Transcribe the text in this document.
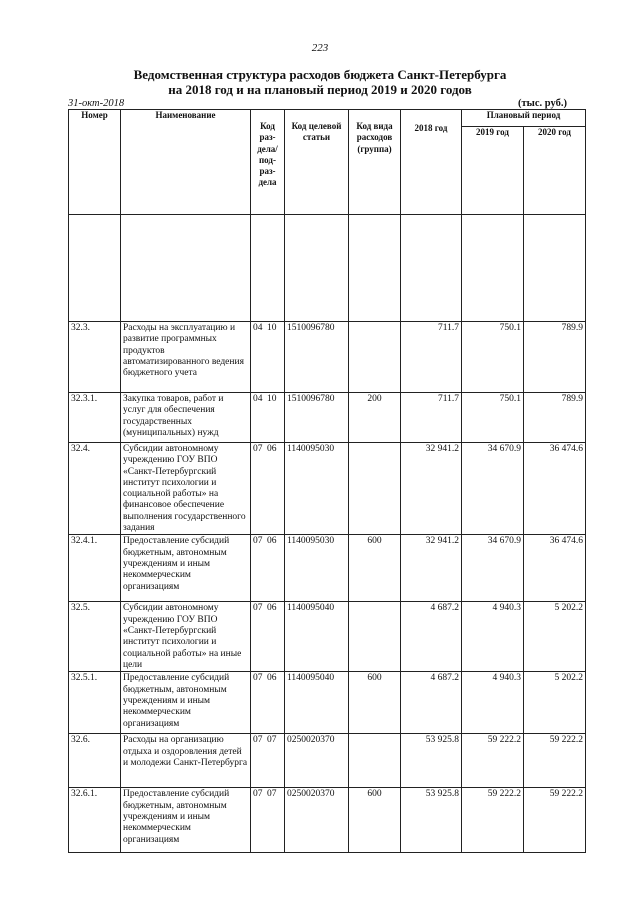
223
Ведомственная структура расходов бюджета Санкт-Петербурга
на 2018 год и на плановый период 2019 и 2020 годов
31-окт-2018	(тыс. руб.)
Номер	Наименование	Код раз-дела/ под-раз-дела	Код целевой статьи	Код вида расходов (группа)	2018 год	Плановый период	
						2019 год	2020 год

32.3.	Расходы на эксплуатацию и развитие программных продуктов автоматизированного ведения бюджетного учета	04 10	1510096780		711.7	750.1	789.9
32.3.1.	Закупка товаров, работ и услуг для обеспечения государственных (муниципальных) нужд	04 10	1510096780	200	711.7	750.1	789.9
32.4.	Субсидии автономному учреждению ГОУ ВПО «Санкт-Петербургский институт психологии и социальной работы» на финансовое обеспечение выполнения государственного задания	07 06	1140095030		32 941.2	34 670.9	36 474.6
32.4.1.	Предоставление субсидий бюджетным, автономным учреждениям и иным некоммерческим организациям	07 06	1140095030	600	32 941.2	34 670.9	36 474.6
32.5.	Субсидии автономному учреждению ГОУ ВПО «Санкт-Петербургский институт психологии и социальной работы» на иные цели	07 06	1140095040		4 687.2	4 940.3	5 202.2
32.5.1.	Предоставление субсидий бюджетным, автономным учреждениям и иным некоммерческим организациям	07 06	1140095040	600	4 687.2	4 940.3	5 202.2
32.6.	Расходы на организацию отдыха и оздоровления детей и молодежи Санкт-Петербурга	07 07	0250020370		53 925.8	59 222.2	59 222.2
32.6.1.	Предоставление субсидий бюджетным, автономным учреждениям и иным некоммерческим организациям	07 07	0250020370	600	53 925.8	59 222.2	59 222.2
